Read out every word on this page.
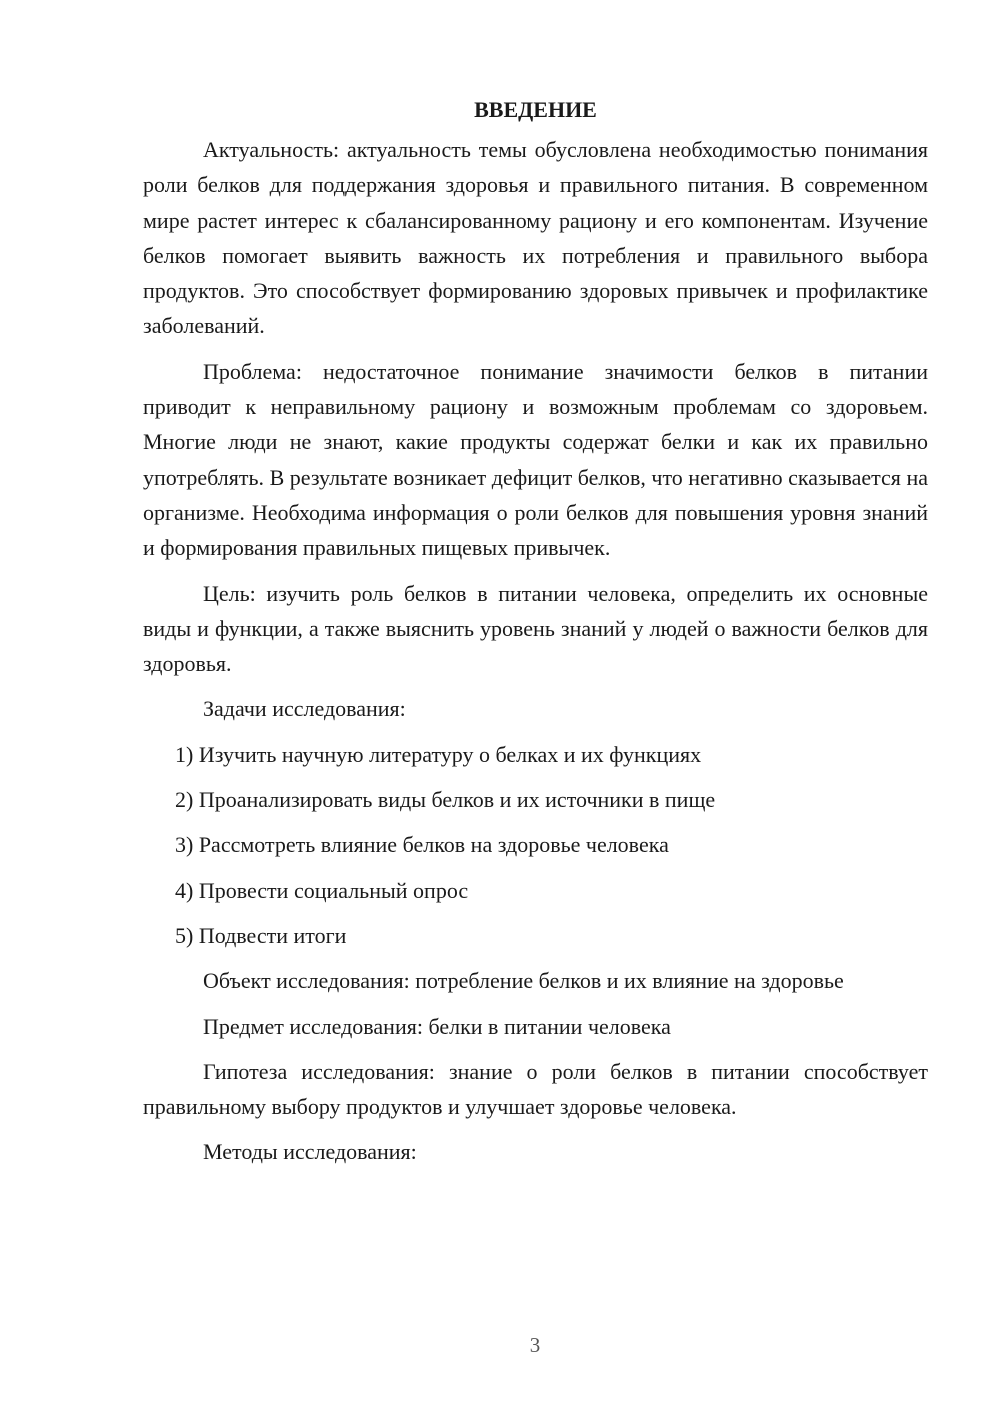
ВВЕДЕНИЕ

Актуальность: актуальность темы обусловлена необходимостью понимания роли белков для поддержания здоровья и правильного питания. В современном мире растет интерес к сбалансированному рациону и его компонентам. Изучение белков помогает выявить важность их потребления и правильного выбора продуктов. Это способствует формированию здоровых привычек и профилактике заболеваний.

Проблема: недостаточное понимание значимости белков в питании приводит к неправильному рациону и возможным проблемам со здоровьем. Многие люди не знают, какие продукты содержат белки и как их правильно употреблять. В результате возникает дефицит белков, что негативно сказывается на организме. Необходима информация о роли белков для повышения уровня знаний и формирования правильных пищевых привычек.

Цель: изучить роль белков в питании человека, определить их основные виды и функции, а также выяснить уровень знаний у людей о важности белков для здоровья.

Задачи исследования:
1) Изучить научную литературу о белках и их функциях
2) Проанализировать виды белков и их источники в пище
3) Рассмотреть влияние белков на здоровье человека
4) Провести социальный опрос
5) Подвести итоги
Объект исследования: потребление белков и их влияние на здоровье
Предмет исследования: белки в питании человека

Гипотеза исследования: знание о роли белков в питании способствует правильному выбору продуктов и улучшает здоровье человека.

Методы исследования:
3
